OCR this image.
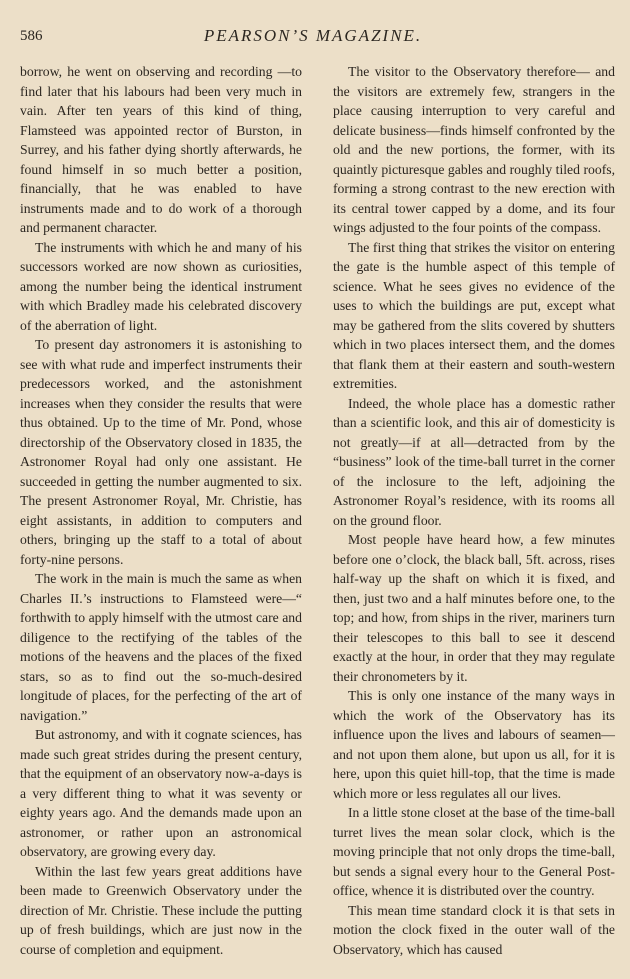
586	PEARSON’S MAGAZINE.

borrow, he went on observing and recording —to find later that his labours had been very much in vain. After ten years of this kind of thing, Flamsteed was appointed rector of Burston, in Surrey, and his father dying shortly afterwards, he found himself in so much better a position, financially, that he was enabled to have instruments made and to do work of a thorough and permanent character.

The instruments with which he and many of his successors worked are now shown as curiosities, among the number being the identical instrument with which Bradley made his celebrated discovery of the aberration of light.

To present day astronomers it is astonishing to see with what rude and imperfect instruments their predecessors worked, and the astonishment increases when they consider the results that were thus obtained. Up to the time of Mr. Pond, whose directorship of the Observatory closed in 1835, the Astronomer Royal had only one assistant. He succeeded in getting the number augmented to six. The present Astronomer Royal, Mr. Christie, has eight assistants, in addition to computers and others, bringing up the staff to a total of about forty-nine persons.

The work in the main is much the same as when Charles II.’s instructions to Flamsteed were—“ forthwith to apply himself with the utmost care and diligence to the rectifying of the tables of the motions of the heavens and the places of the fixed stars, so as to find out the so-much-desired longitude of places, for the perfecting of the art of navigation.”

But astronomy, and with it cognate sciences, has made such great strides during the present century, that the equipment of an observatory now-a-days is a very different thing to what it was seventy or eighty years ago. And the demands made upon an astronomer, or rather upon an astronomical observatory, are growing every day.

Within the last few years great additions have been made to Greenwich Observatory under the direction of Mr. Christie. These include the putting up of fresh buildings, which are just now in the course of completion and equipment.

The visitor to the Observatory therefore— and the visitors are extremely few, strangers in the place causing interruption to very careful and delicate business—finds himself confronted by the old and the new portions, the former, with its quaintly picturesque gables and roughly tiled roofs, forming a strong contrast to the new erection with its central tower capped by a dome, and its four wings adjusted to the four points of the compass.

The first thing that strikes the visitor on entering the gate is the humble aspect of this temple of science. What he sees gives no evidence of the uses to which the buildings are put, except what may be gathered from the slits covered by shutters which in two places intersect them, and the domes that flank them at their eastern and south-western extremities.

Indeed, the whole place has a domestic rather than a scientific look, and this air of domesticity is not greatly—if at all—detracted from by the “business” look of the time-ball turret in the corner of the inclosure to the left, adjoining the Astronomer Royal’s residence, with its rooms all on the ground floor.

Most people have heard how, a few minutes before one o’clock, the black ball, 5ft. across, rises half-way up the shaft on which it is fixed, and then, just two and a half minutes before one, to the top; and how, from ships in the river, mariners turn their telescopes to this ball to see it descend exactly at the hour, in order that they may regulate their chronometers by it.

This is only one instance of the many ways in which the work of the Observatory has its influence upon the lives and labours of seamen—and not upon them alone, but upon us all, for it is here, upon this quiet hill-top, that the time is made which more or less regulates all our lives.

In a little stone closet at the base of the time-ball turret lives the mean solar clock, which is the moving principle that not only drops the time-ball, but sends a signal every hour to the General Post-office, whence it is distributed over the country.

This mean time standard clock it is that sets in motion the clock fixed in the outer wall of the Observatory, which has caused
